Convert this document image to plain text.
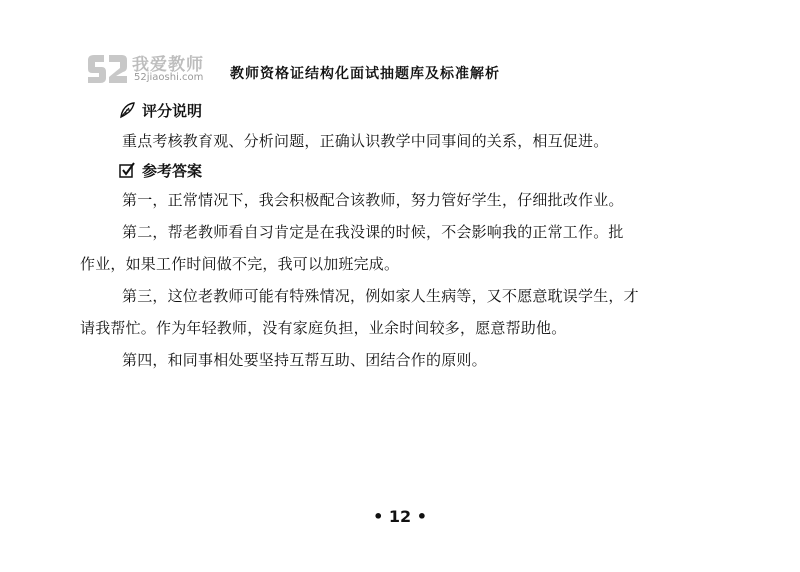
我爱教师
52jiaoshi.com 教师资格证结构化面试抽题库及标准解析
评分说明
重点考核教育观、分析问题，正确认识教学中同事间的关系，相互促进。
参考答案
第一，正常情况下，我会积极配合该教师，努力管好学生，仔细批改作业。
第二，帮老教师看自习肯定是在我没课的时候，不会影响我的正常工作。批
作业，如果工作时间做不完，我可以加班完成。
第三，这位老教师可能有特殊情况，例如家人生病等，又不愿意耽误学生，才
请我帮忙。作为年轻教师，没有家庭负担，业余时间较多，愿意帮助他。
第四，和同事相处要坚持互帮互助、团结合作的原则。
• 12 •
